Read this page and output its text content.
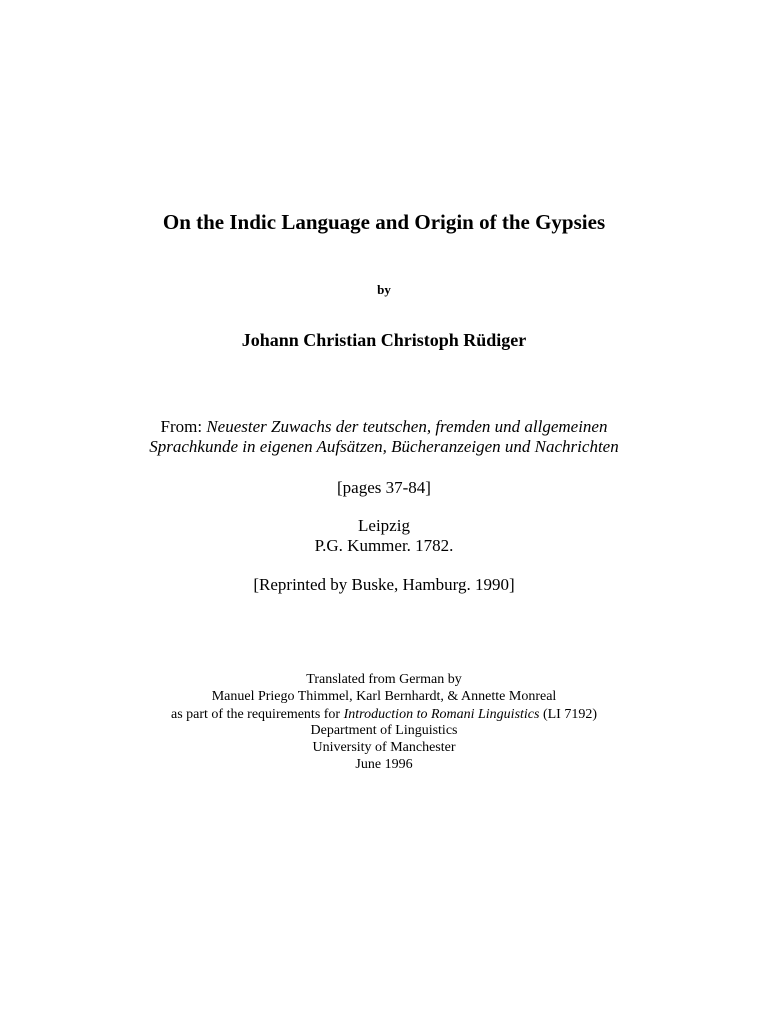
On the Indic Language and Origin of the Gypsies
by
Johann Christian Christoph Rüdiger
From: Neuester Zuwachs der teutschen, fremden und allgemeinen
Sprachkunde in eigenen Aufsätzen, Bücheranzeigen und Nachrichten
[pages 37-84]
Leipzig
P.G. Kummer. 1782.
[Reprinted by Buske, Hamburg. 1990]
Translated from German by
Manuel Priego Thimmel, Karl Bernhardt, & Annette Monreal
as part of the requirements for Introduction to Romani Linguistics (LI 7192)
Department of Linguistics
University of Manchester
June 1996
